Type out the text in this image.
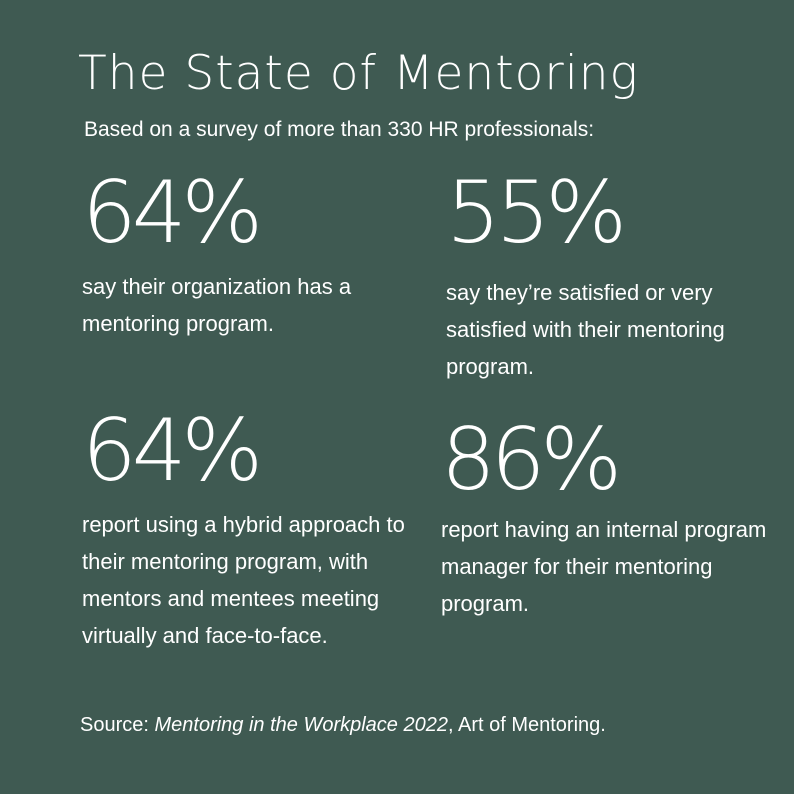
The State of Mentoring
Based on a survey of more than 330 HR professionals:
64%
say their organization has a mentoring program.
55%
say they’re satisfied or very satisfied with their mentoring program.
64%
report using a hybrid approach to their mentoring program, with mentors and mentees meeting virtually and face-to-face.
86%
report having an internal program manager for their mentoring program.
Source: Mentoring in the Workplace 2022, Art of Mentoring.
